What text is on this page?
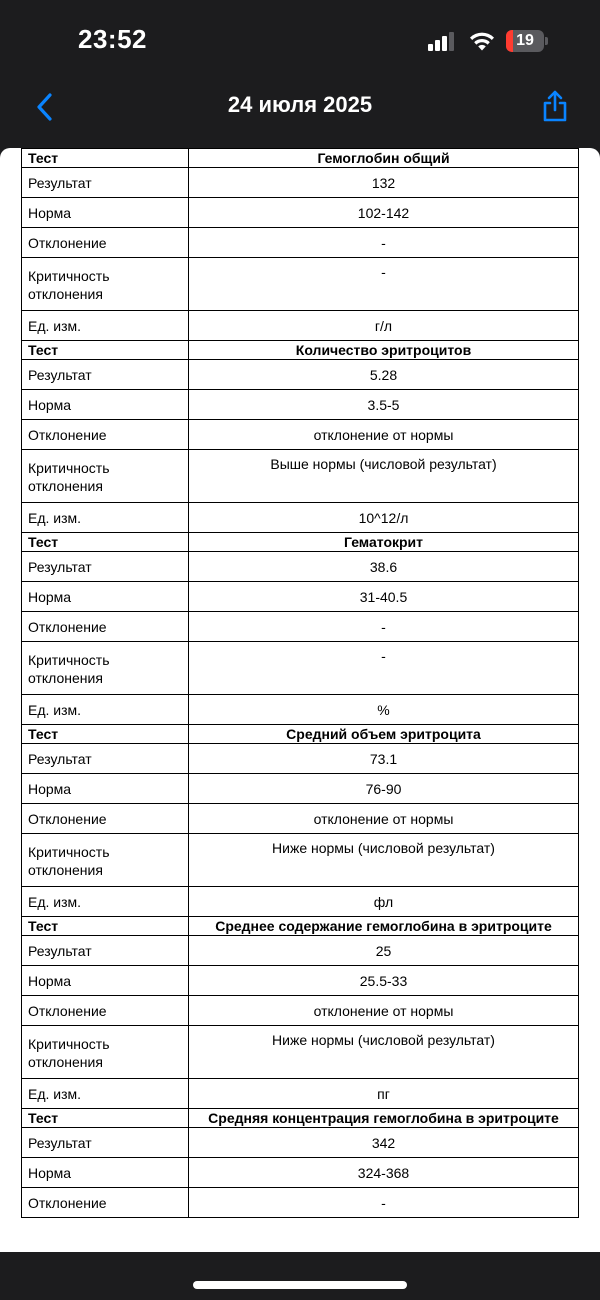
23:52	19
24 июля 2025
Тест	Гемоглобин общий
Результат	132
Норма	102-142
Отклонение	-
Критичность отклонения	-
Ед. изм.	г/л
Тест	Количество эритроцитов
Результат	5.28
Норма	3.5-5
Отклонение	отклонение от нормы
Критичность отклонения	Выше нормы (числовой результат)
Ед. изм.	10^12/л
Тест	Гематокрит
Результат	38.6
Норма	31-40.5
Отклонение	-
Критичность отклонения	-
Ед. изм.	%
Тест	Средний объем эритроцита
Результат	73.1
Норма	76-90
Отклонение	отклонение от нормы
Критичность отклонения	Ниже нормы (числовой результат)
Ед. изм.	фл
Тест	Среднее содержание гемоглобина в эритроците
Результат	25
Норма	25.5-33
Отклонение	отклонение от нормы
Критичность отклонения	Ниже нормы (числовой результат)
Ед. изм.	пг
Тест	Средняя концентрация гемоглобина в эритроците
Результат	342
Норма	324-368
Отклонение	-
